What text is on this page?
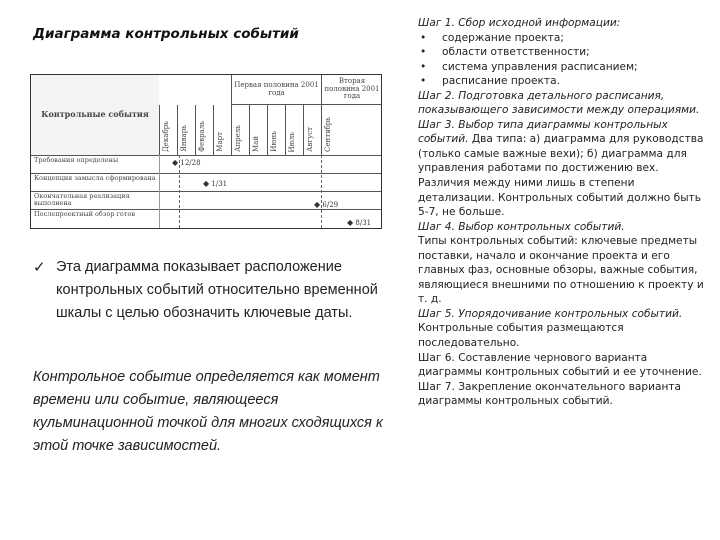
Диаграмма контрольных событий
Контрольные события
Первая половина 2001 года
Вторая половина 2001 года
Декабрь Январь Февраль Март Апрель Май Июнь Июль Август Сентябрь
Требования определены
Концепция замысла сформирована
Окончательная реализация выполнена
Послепроектный обзор готов
◆ 12/28
◆ 1/31
◆ 6/29
◆ 8/31
✓ Эта диаграмма показывает расположение контрольных событий относительно временной шкалы с целью обозначить ключевые даты.
Контрольное событие определяется как момент времени или событие, являющееся кульминационной точкой для многих сходящихся к этой точке зависимостей.
Шаг 1. Сбор исходной информации:
• содержание проекта;
• области ответственности;
• система управления расписанием;
• расписание проекта.
Шаг 2. Подготовка детального расписания, показывающего зависимости между операциями.
Шаг 3. Выбор типа диаграммы контрольных событий. Два типа: а) диаграмма для руководства (только самые важные вехи); б) диаграмма для управления работами по достижению вех. Различия между ними лишь в степени детализации. Контрольных событий должно быть 5-7, не больше.
Шаг 4. Выбор контрольных событий.
Типы контрольных событий: ключевые предметы поставки, начало и окончание проекта и его главных фаз, основные обзоры, важные события, являющиеся внешними по отношению к проекту и т. д.
Шаг 5. Упорядочивание контрольных событий.
Контрольные события размещаются последовательно.
Шаг 6. Составление чернового варианта диаграммы контрольных событий и ее уточнение.
Шаг 7. Закрепление окончательного варианта диаграммы контрольных событий.
